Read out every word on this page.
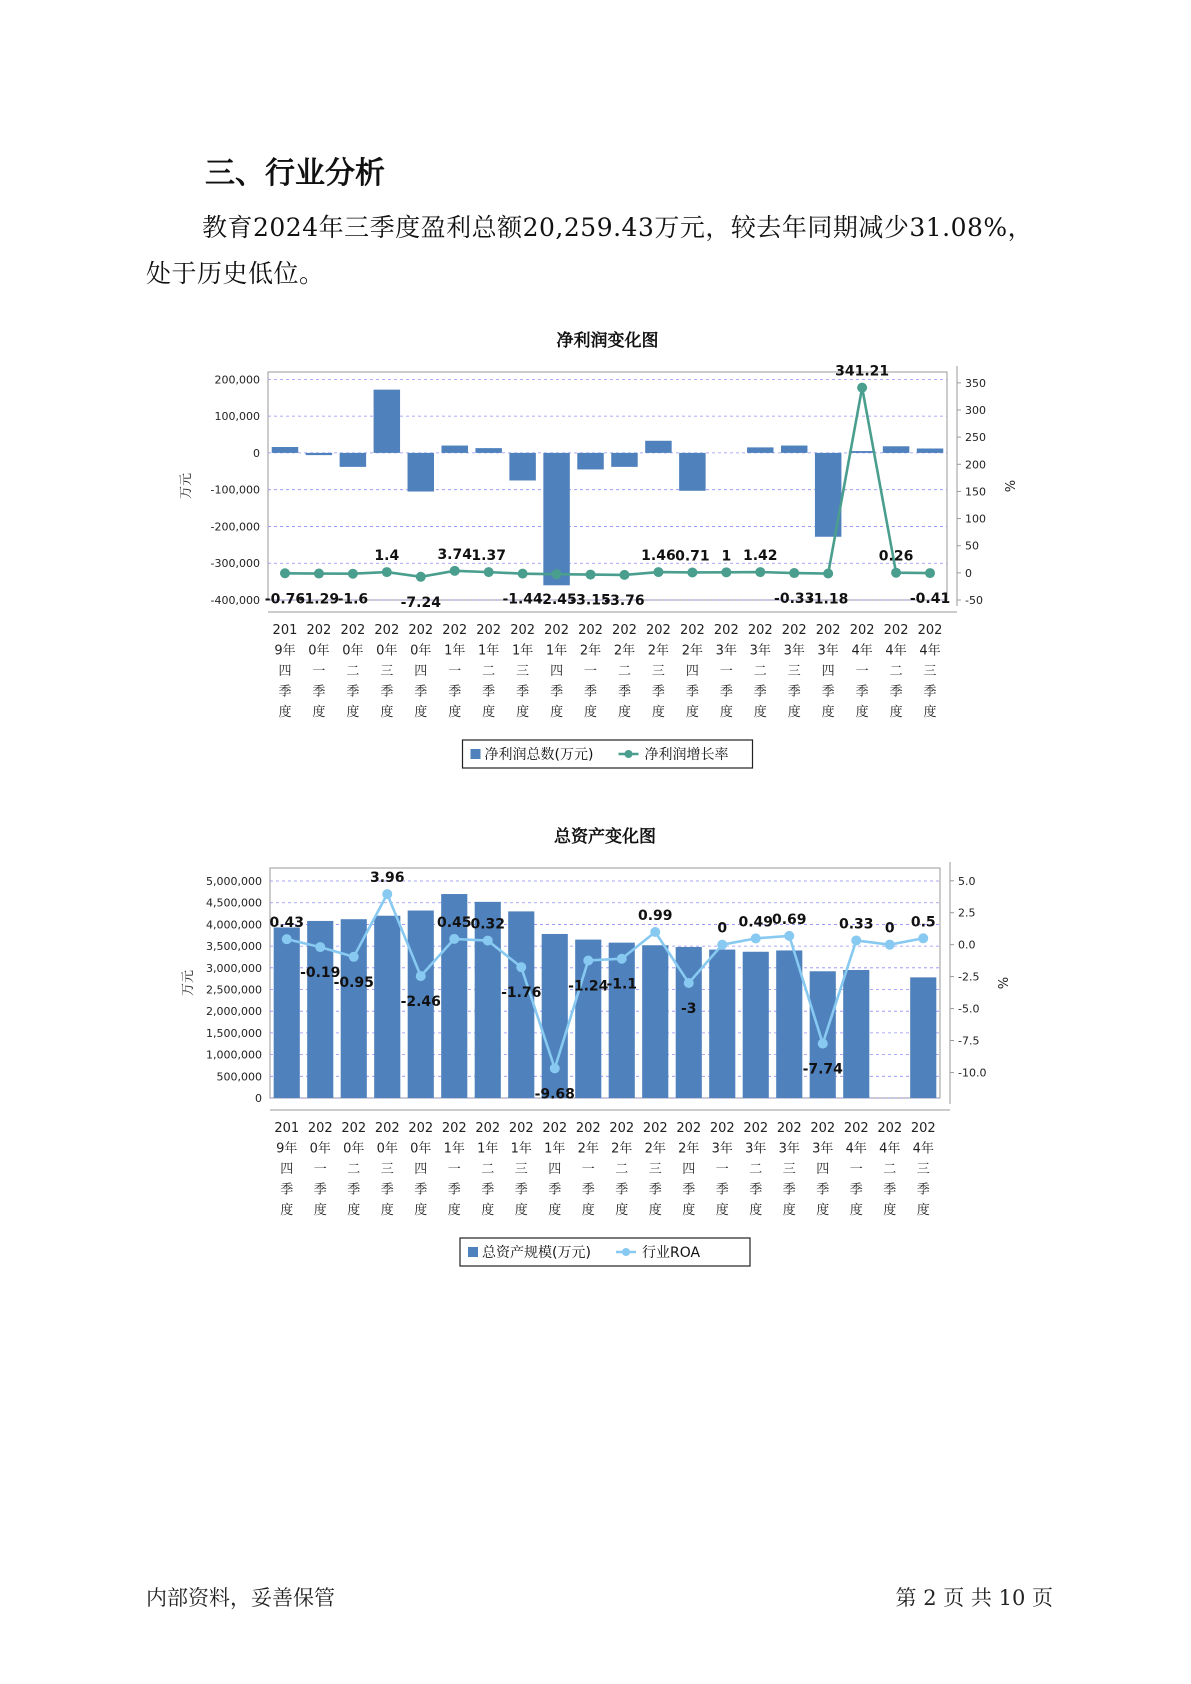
三、行业分析

教育2024年三季度盈利总额20,259.43万元，较去年同期减少31.08%，处于历史低位。

净利润变化图
200,000
100,000
0
-100,000
-200,000
-300,000
-400,000
350
300
250
200
150
100
50
0
-50
万元	%
-0.76
-1.29
-1.6
1.4
-7.24
3.74 1.37
-1.44
-2.45
-3.15
-3.76
1.46 0.71 1 1.42
-0.33
-1.18
341.21
0.26
-0.41
201
9年
四
季
度
202
0年
一
季
度
202
0年
二
季
度
202
0年
三
季
度
202
0年
四
季
度
202
1年
一
季
度
202
1年
二
季
度
202
1年
三
季
度
202
1年
四
季
度
202
2年
一
季
度
202
2年
二
季
度
202
2年
三
季
度
202
2年
四
季
度
202
3年
一
季
度
202
3年
二
季
度
202
3年
三
季
度
202
3年
四
季
度
202
4年
一
季
度
202
4年
二
季
度
202
4年
三
季
度
净利润总数(万元)	净利润增长率
总资产变化图
5,000,000
4,500,000
4,000,000
3,500,000
3,000,000
2,500,000
2,000,000
1,500,000
1,000,000
500,000
0
5.0
2.5
0.0
-2.5
-5.0
-7.5
-10.0
万元	%
0.43
-0.19
-0.95
3.96
-2.46
0.45
0.32
-1.76
-9.68
-1.24
-1.1
0.99
-3
0 0.49
0.69
-7.74
0.33 0 0.5
201
9年
四
季
度
202
0年
一
季
度
202
0年
二
季
度
202
0年
三
季
度
202
0年
四
季
度
202
1年
一
季
度
202
1年
二
季
度
202
1年
三
季
度
202
1年
四
季
度
202
2年
一
季
度
202
2年
二
季
度
202
2年
三
季
度
202
2年
四
季
度
202
3年
一
季
度
202
3年
二
季
度
202
3年
三
季
度
202
3年
四
季
度
202
4年
一
季
度
202
4年
二
季
度
202
4年
三
季
度
总资产规模(万元)	行业ROA
内部资料，妥善保管	第 2 页 共 10 页
